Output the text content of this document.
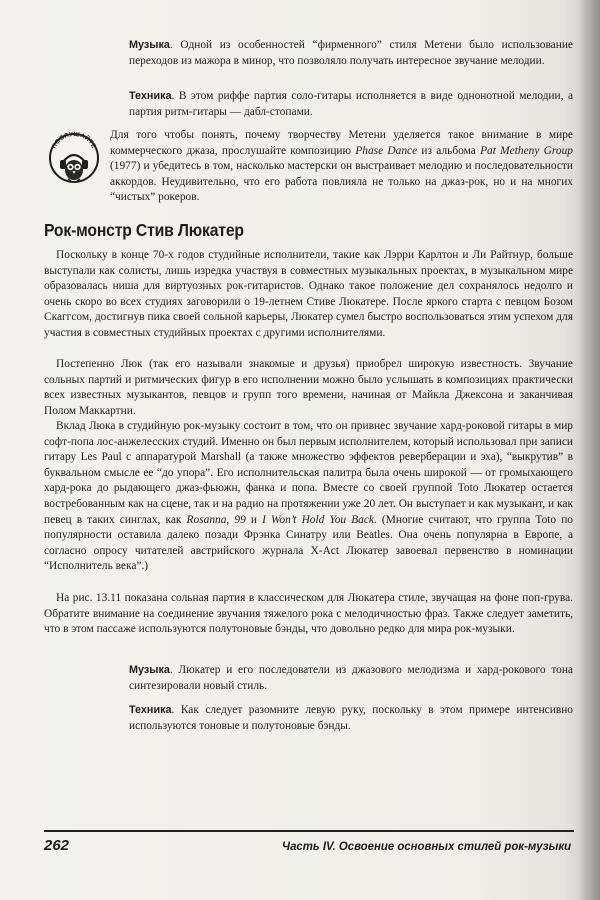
Музыка. Одной из особенностей “фирменного” стиля Метени было использование переходов из мажора в минор, что позволяло получать интересное звучание мелодии.

Техника. В этом риффе партия соло-гитары исполняется в виде однонотной мелодии, а партия ритм-гитары — дабл-стопами.

ПОСЛУШАЙТЕ

Для того чтобы понять, почему творчеству Метени уделяется такое внимание в мире коммерческого джаза, прослушайте композицию Phase Dance из альбома Pat Metheny Group (1977) и убедитесь в том, насколько мастерски он выстраивает мелодию и последовательности аккордов. Неудивительно, что его работа повлияла не только на джаз-рок, но и на многих “чистых” рокеров.

Рок-монстр Стив Люкатер

Поскольку в конце 70-х годов студийные исполнители, такие как Лэрри Карлтон и Ли Райтнур, больше выступали как солисты, лишь изредка участвуя в совместных музыкальных проектах, в музыкальном мире образовалась ниша для виртуозных рок-гитаристов. Однако такое положение дел сохранялось недолго и очень скоро во всех студиях заговорили о 19-летнем Стиве Люкатере. После яркого старта с певцом Бозом Скаггсом, достигнув пика своей сольной карьеры, Люкатер сумел быстро воспользоваться этим успехом для участия в совместных студийных проектах с другими исполнителями.

Постепенно Люк (так его называли знакомые и друзья) приобрел широкую известность. Звучание сольных партий и ритмических фигур в его исполнении можно было услышать в композициях практически всех известных музыкантов, певцов и групп того времени, начиная от Майкла Джексона и заканчивая Полом Маккартни.

Вклад Люка в студийную рок-музыку состоит в том, что он привнес звучание хард-роковой гитары в мир софт-попа лос-анжелесских студий. Именно он был первым исполнителем, который использовал при записи гитару Les Paul с аппаратурой Marshall (а также множество эффектов реверберации и эха), “выкрутив” в буквальном смысле ее “до упора”. Его исполнительская палитра была очень широкой — от громыхающего хард-рока до рыдающего джаз-фьюжн, фанка и попа. Вместе со своей группой Toto Люкатер остается востребованным как на сцене, так и на радио на протяжении уже 20 лет. Он выступает и как музыкант, и как певец в таких синглах, как Rosanna, 99 и I Won’t Hold You Back. (Многие считают, что группа Toto по популярности оставила далеко позади Фрэнка Синатру или Beatles. Она очень популярна в Европе, а согласно опросу читателей австрийского журнала X-Act Люкатер завоевал первенство в номинации “Исполнитель века”.)

На рис. 13.11 показана сольная партия в классическом для Люкатера стиле, звучащая на фоне поп-грува. Обратите внимание на соединение звучания тяжелого рока с мелодичностью фраз. Также следует заметить, что в этом пассаже используются полутоновые бэнды, что довольно редко для мира рок-музыки.

Музыка. Люкатер и его последователи из джазового мелодизма и хард-рокового тона синтезировали новый стиль.

Техника. Как следует разомните левую руку, поскольку в этом примере интенсивно используются тоновые и полутоновые бэнды.

262	Часть IV. Освоение основных стилей рок-музыки
